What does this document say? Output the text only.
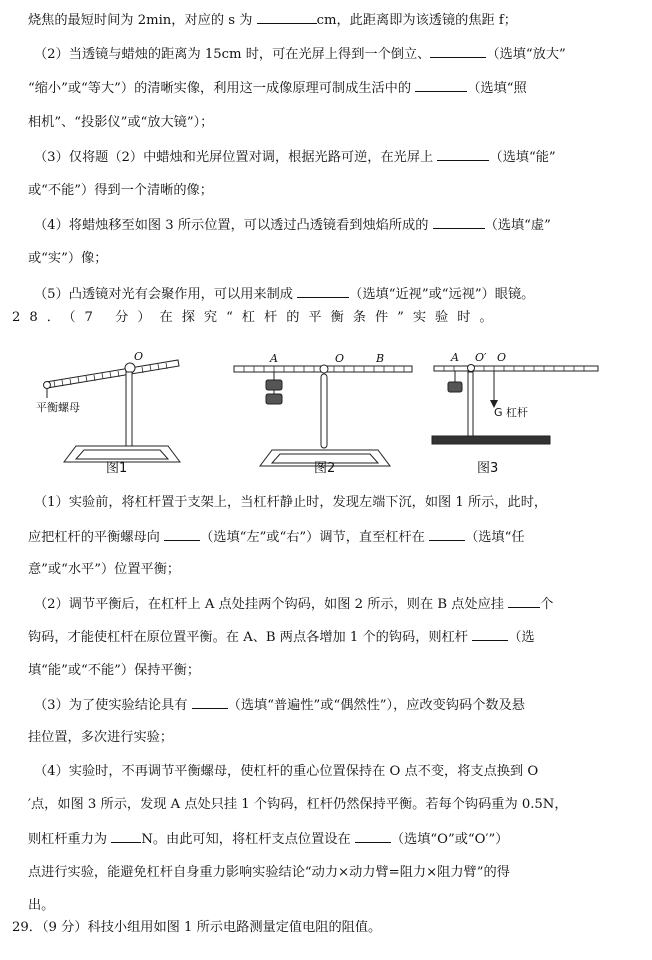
烧焦的最短时间为 2min，对应的 s 为	cm，此距离即为该透镜的焦距 f；
（2）当透镜与蜡烛的距离为 15cm 时，可在光屏上得到一个倒立、	（选填“放大”
“缩小”或“等大”）的清晰实像，利用这一成像原理可制成生活中的	（选填“照
相机”、“投影仪”或“放大镜”）；
（3）仅将题（2）中蜡烛和光屏位置对调，根据光路可逆，在光屏上	（选填“能”
或“不能”）得到一个清晰的像；
（4）将蜡烛移至如图 3 所示位置，可以透过凸透镜看到烛焰所成的	（选填“虚”
或“实”）像；
（5）凸透镜对光有会聚作用，可以用来制成	（选填“近视”或“远视”）眼镜。
28．（7 分）在探究“杠杆的平衡条件”实验时。
O
平衡螺母
图1
A	O	B
图2
A O′ O
G 杠杆
图3
（1）实验前，将杠杆置于支架上，当杠杆静止时，发现左端下沉，如图 1 所示，此时，
应把杠杆的平衡螺母向	（选填“左”或“右”）调节，直至杠杆在	（选填“任
意”或“水平”）位置平衡；
（2）调节平衡后，在杠杆上 A 点处挂两个钩码，如图 2 所示，则在 B 点处应挂 个
钩码，才能使杠杆在原位置平衡。在 A、B 两点各增加 1 个的钩码，则杠杆	（选
填“能”或“不能”）保持平衡；
（3）为了使实验结论具有	（选填“普遍性”或“偶然性”），应改变钩码个数及悬
挂位置，多次进行实验；
（4）实验时，不再调节平衡螺母，使杠杆的重心位置保持在 O 点不变，将支点换到 O
′点，如图 3 所示，发现 A 点处只挂 1 个钩码，杠杆仍然保持平衡。若每个钩码重为 0.5N，
则杠杆重力为 N。由此可知，将杠杆支点位置设在	（选填“O”或“O′”）
点进行实验，能避免杠杆自身重力影响实验结论“动力×动力臂=阻力×阻力臂”的得
出。
29．（9 分）科技小组用如图 1 所示电路测量定值电阻的阻值。
